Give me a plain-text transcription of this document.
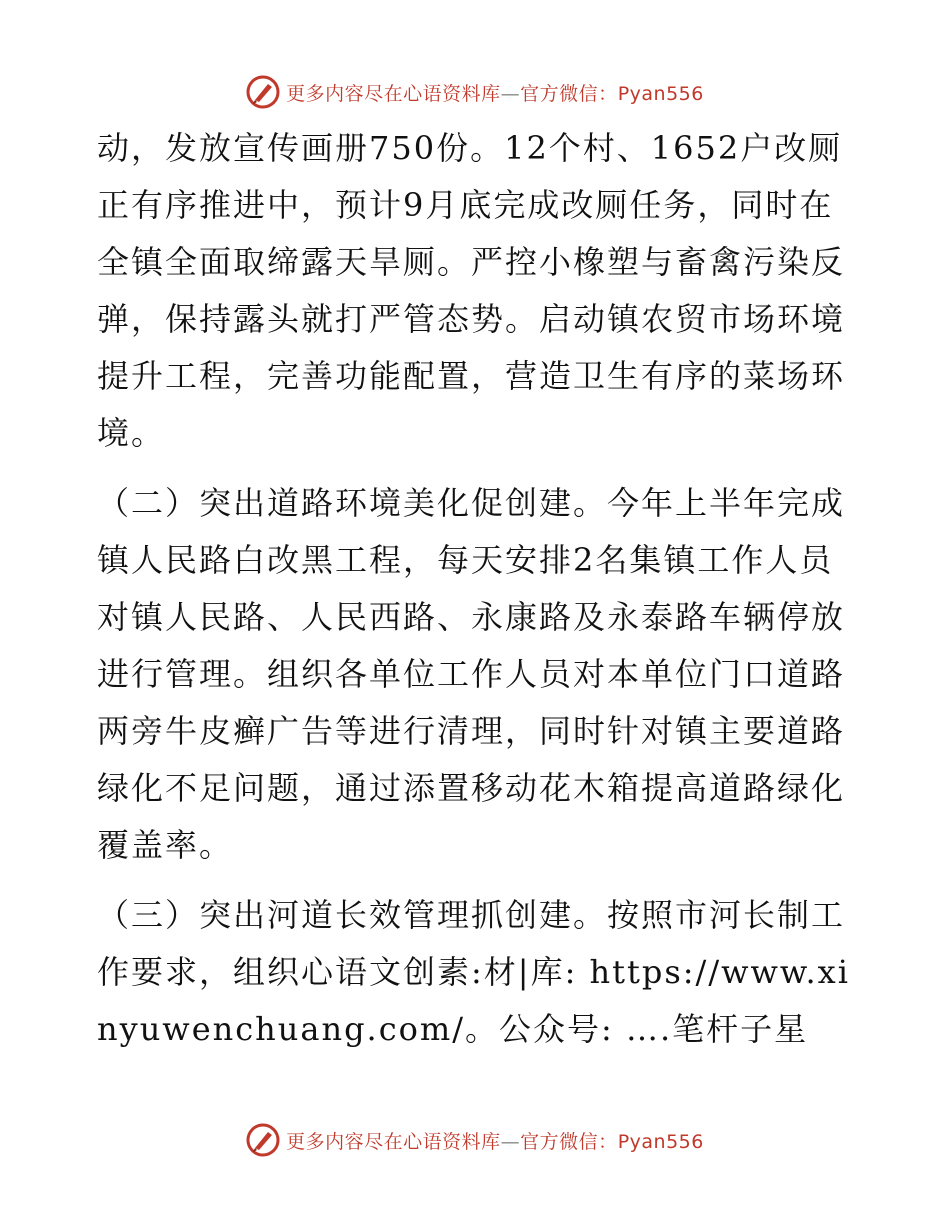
更多内容尽在心语资料库—官方微信：Pyan556

动，发放宣传画册750份。12个村、1652户改厕正有序推进中，预计9月底完成改厕任务，同时在全镇全面取缔露天旱厕。严控小橡塑与畜禽污染反弹，保持露头就打严管态势。启动镇农贸市场环境提升工程，完善功能配置，营造卫生有序的菜场环境。

（二）突出道路环境美化促创建。今年上半年完成镇人民路白改黑工程，每天安排2名集镇工作人员对镇人民路、人民西路、永康路及永泰路车辆停放进行管理。组织各单位工作人员对本单位门口道路两旁牛皮癣广告等进行清理，同时针对镇主要道路绿化不足问题，通过添置移动花木箱提高道路绿化覆盖率。

（三）突出河道长效管理抓创建。按照市河长制工作要求，组织心语文创素:材|库: https://www.xinyuwenchuang.com/。公众号: ….笔杆子星

更多内容尽在心语资料库—官方微信：Pyan556
